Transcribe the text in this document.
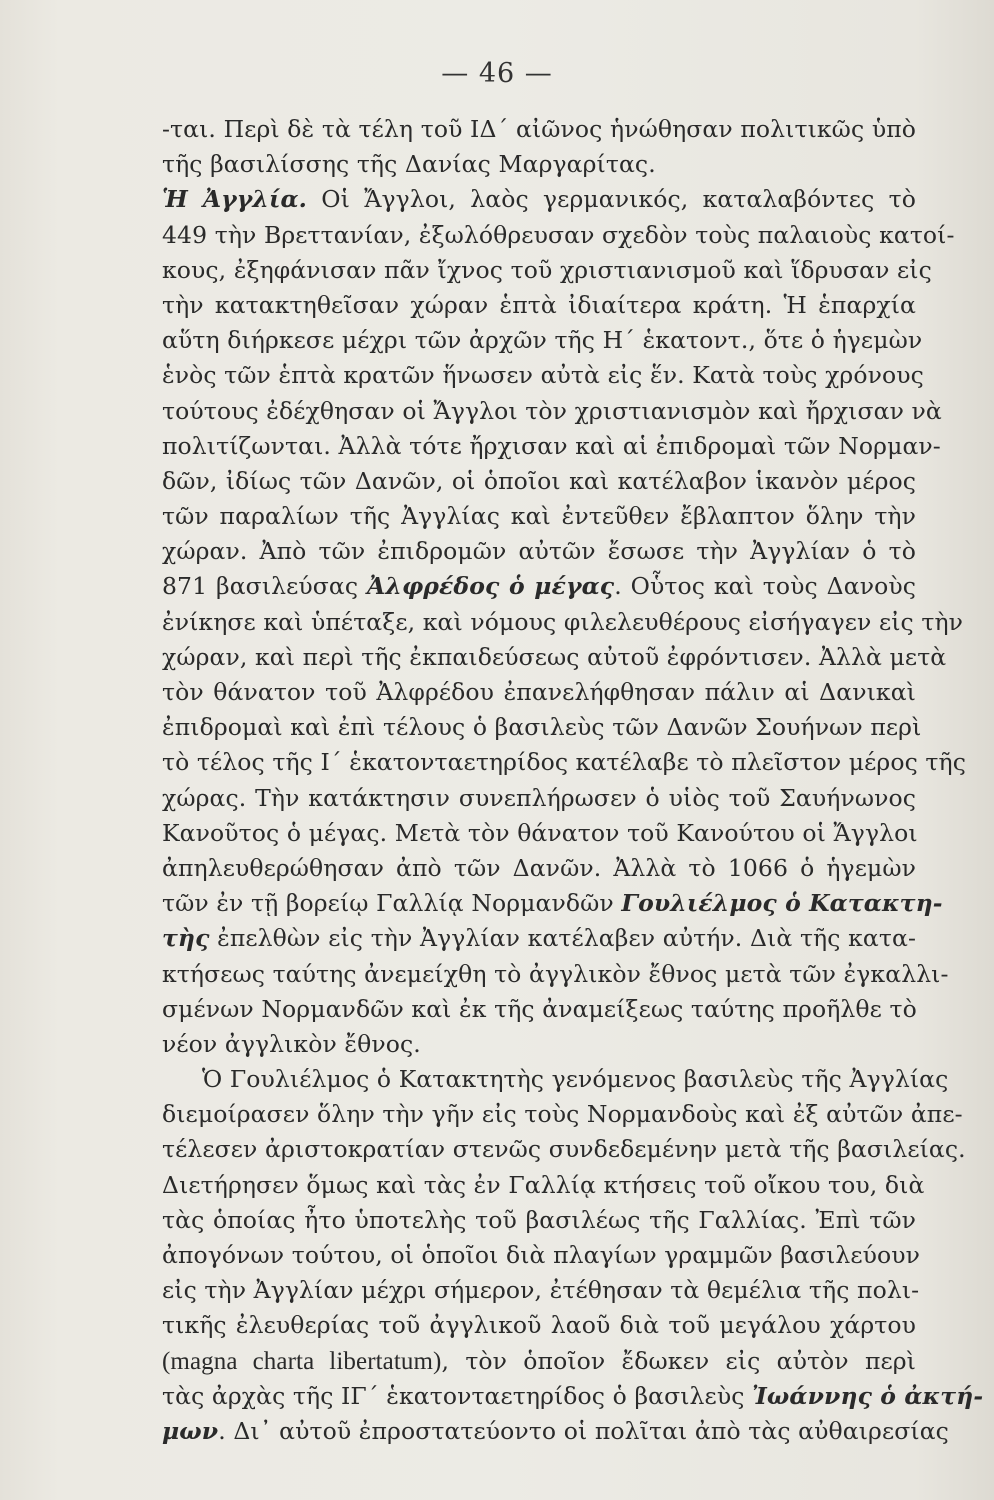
— 46 —
-ται. Περὶ δὲ τὰ τέλη τοῦ ΙΔ΄ αἰῶνος ἡνώθησαν πολιτικῶς ὑπὸ
τῆς βασιλίσσης τῆς Δανίας Μαργαρίτας.
Ἡ Ἀγγλία. Οἱ Ἄγγλοι, λαὸς γερμανικός, καταλαβόντες τὸ
449 τὴν Βρεττανίαν, ἐξωλόθρευσαν σχεδὸν τοὺς παλαιοὺς κατοί-
κους, ἐξηφάνισαν πᾶν ἴχνος τοῦ χριστιανισμοῦ καὶ ἵδρυσαν εἰς
τὴν κατακτηθεῖσαν χώραν ἑπτὰ ἰδιαίτερα κράτη. Ἡ ἑπαρχία
αὕτη διήρκεσε μέχρι τῶν ἀρχῶν τῆς Η΄ ἑκατοντ., ὅτε ὁ ἡγεμὼν
ἑνὸς τῶν ἑπτὰ κρατῶν ἥνωσεν αὐτὰ εἰς ἕν. Κατὰ τοὺς χρόνους
τούτους ἐδέχθησαν οἱ Ἄγγλοι τὸν χριστιανισμὸν καὶ ἤρχισαν νὰ
πολιτίζωνται. Ἀλλὰ τότε ἤρχισαν καὶ αἱ ἐπιδρομαὶ τῶν Νορμαν-
δῶν, ἰδίως τῶν Δανῶν, οἱ ὁποῖοι καὶ κατέλαβον ἱκανὸν μέρος
τῶν παραλίων τῆς Ἀγγλίας καὶ ἐντεῦθεν ἔβλαπτον ὅλην τὴν
χώραν. Ἀπὸ τῶν ἐπιδρομῶν αὐτῶν ἔσωσε τὴν Ἀγγλίαν ὁ τὸ
871 βασιλεύσας Ἀλφρέδος ὁ μέγας. Οὗτος καὶ τοὺς Δανοὺς
ἐνίκησε καὶ ὑπέταξε, καὶ νόμους φιλελευθέρους εἰσήγαγεν εἰς τὴν
χώραν, καὶ περὶ τῆς ἐκπαιδεύσεως αὐτοῦ ἐφρόντισεν. Ἀλλὰ μετὰ
τὸν θάνατον τοῦ Ἀλφρέδου ἐπανελήφθησαν πάλιν αἱ Δανικαὶ
ἐπιδρομαὶ καὶ ἐπὶ τέλους ὁ βασιλεὺς τῶν Δανῶν Σουήνων περὶ
τὸ τέλος τῆς Ι΄ ἑκατονταετηρίδος κατέλαβε τὸ πλεῖστον μέρος τῆς
χώρας. Τὴν κατάκτησιν συνεπλήρωσεν ὁ υἱὸς τοῦ Σαυήνωνος
Κανοῦτος ὁ μέγας. Μετὰ τὸν θάνατον τοῦ Κανούτου οἱ Ἄγγλοι
ἀπηλευθερώθησαν ἀπὸ τῶν Δανῶν. Ἀλλὰ τὸ 1066 ὁ ἡγεμὼν
τῶν ἐν τῇ βορείῳ Γαλλίᾳ Νορμανδῶν Γουλιέλμος ὁ Κατακτη-
τὴς ἐπελθὼν εἰς τὴν Ἀγγλίαν κατέλαβεν αὐτήν. Διὰ τῆς κατα-
κτήσεως ταύτης ἀνεμείχθη τὸ ἀγγλικὸν ἔθνος μετὰ τῶν ἐγκαλλι-
σμένων Νορμανδῶν καὶ ἐκ τῆς ἀναμείξεως ταύτης προῆλθε τὸ
νέον ἀγγλικὸν ἔθνος.
Ὁ Γουλιέλμος ὁ Κατακτητὴς γενόμενος βασιλεὺς τῆς Ἀγγλίας
διεμοίρασεν ὅλην τὴν γῆν εἰς τοὺς Νορμανδοὺς καὶ ἐξ αὐτῶν ἀπε-
τέλεσεν ἀριστοκρατίαν στενῶς συνδεδεμένην μετὰ τῆς βασιλείας.
Διετήρησεν ὅμως καὶ τὰς ἐν Γαλλίᾳ κτήσεις τοῦ οἴκου του, διὰ
τὰς ὁποίας ἦτο ὑποτελὴς τοῦ βασιλέως τῆς Γαλλίας. Ἐπὶ τῶν
ἀπογόνων τούτου, οἱ ὁποῖοι διὰ πλαγίων γραμμῶν βασιλεύουν
εἰς τὴν Ἀγγλίαν μέχρι σήμερον, ἐτέθησαν τὰ θεμέλια τῆς πολι-
τικῆς ἐλευθερίας τοῦ ἀγγλικοῦ λαοῦ διὰ τοῦ μεγάλου χάρτου
(magna charta libertatum), τὸν ὁποῖον ἔδωκεν εἰς αὐτὸν περὶ
τὰς ἀρχὰς τῆς ΙΓ΄ ἑκατονταετηρίδος ὁ βασιλεὺς Ἰωάννης ὁ ἀκτή-
μων. Δι᾽ αὐτοῦ ἐπροστατεύοντο οἱ πολῖται ἀπὸ τὰς αὐθαιρεσίας
